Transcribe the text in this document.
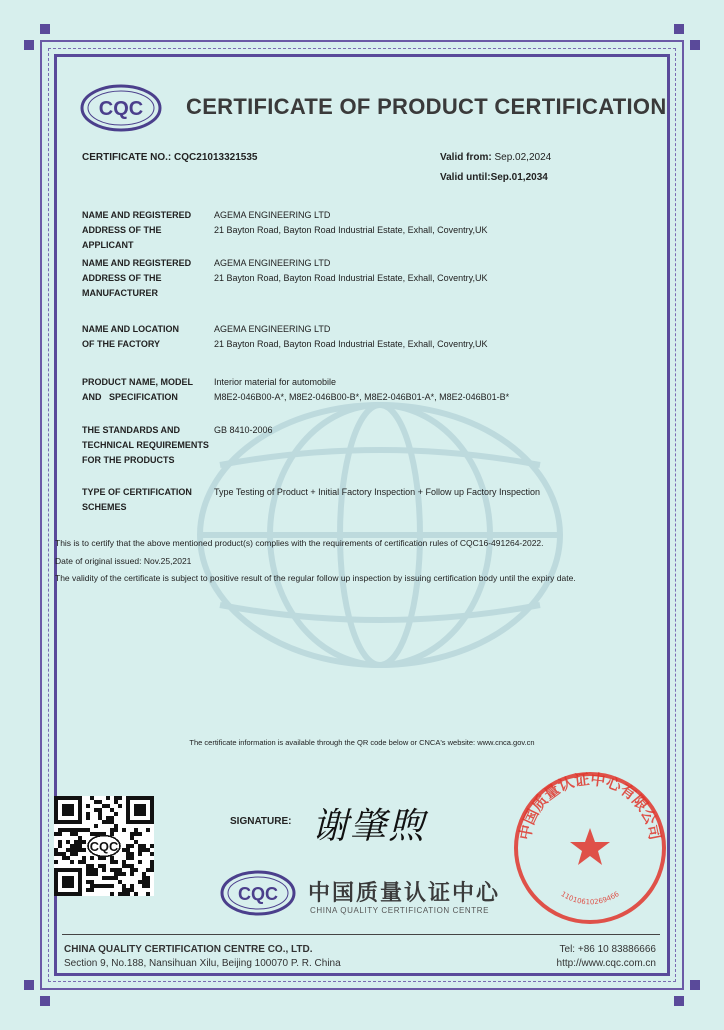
CQC CERTIFICATE OF PRODUCT CERTIFICATION
CERTIFICATE NO.: CQC21013321535	Valid from: Sep.02,2024
Valid until:Sep.01,2034
NAME AND REGISTERED
ADDRESS OF THE APPLICANT
AGEMA ENGINEERING LTD
21 Bayton Road, Bayton Road Industrial Estate, Exhall, Coventry,UK
NAME AND REGISTERED
ADDRESS OF THE
MANUFACTURER
AGEMA ENGINEERING LTD
21 Bayton Road, Bayton Road Industrial Estate, Exhall, Coventry,UK
NAME AND LOCATION
OF THE FACTORY
AGEMA ENGINEERING LTD
21 Bayton Road, Bayton Road Industrial Estate, Exhall, Coventry,UK
PRODUCT NAME, MODEL
AND   SPECIFICATION
Interior material for automobile
M8E2-046B00-A*, M8E2-046B00-B*, M8E2-046B01-A*, M8E2-046B01-B*
THE STANDARDS AND
TECHNICAL REQUIREMENTS
FOR THE PRODUCTS
GB 8410-2006
TYPE OF CERTIFICATION
SCHEMES
Type Testing of Product + Initial Factory Inspection + Follow up Factory Inspection
This is to certify that the above mentioned product(s) complies with the requirements of certification rules of CQC16-491264-2022.
Date of original issued: Nov.25,2021
The validity of the certificate is subject to positive result of the regular follow up inspection by issuing certification body until the expiry date.
The certificate information is available through the QR code below or CNCA's website: www.cnca.gov.cn
CQC
SIGNATURE: 谢肇煦	中国质量认证中心有限公司
11010610269466
CQC 中国质量认证中心
CHINA QUALITY CERTIFICATION CENTRE
CHINA QUALITY CERTIFICATION CENTRE CO., LTD.
Section 9, No.188, Nansihuan Xilu, Beijing 100070 P. R. China
Tel: +86 10 83886666
http://www.cqc.com.cn
